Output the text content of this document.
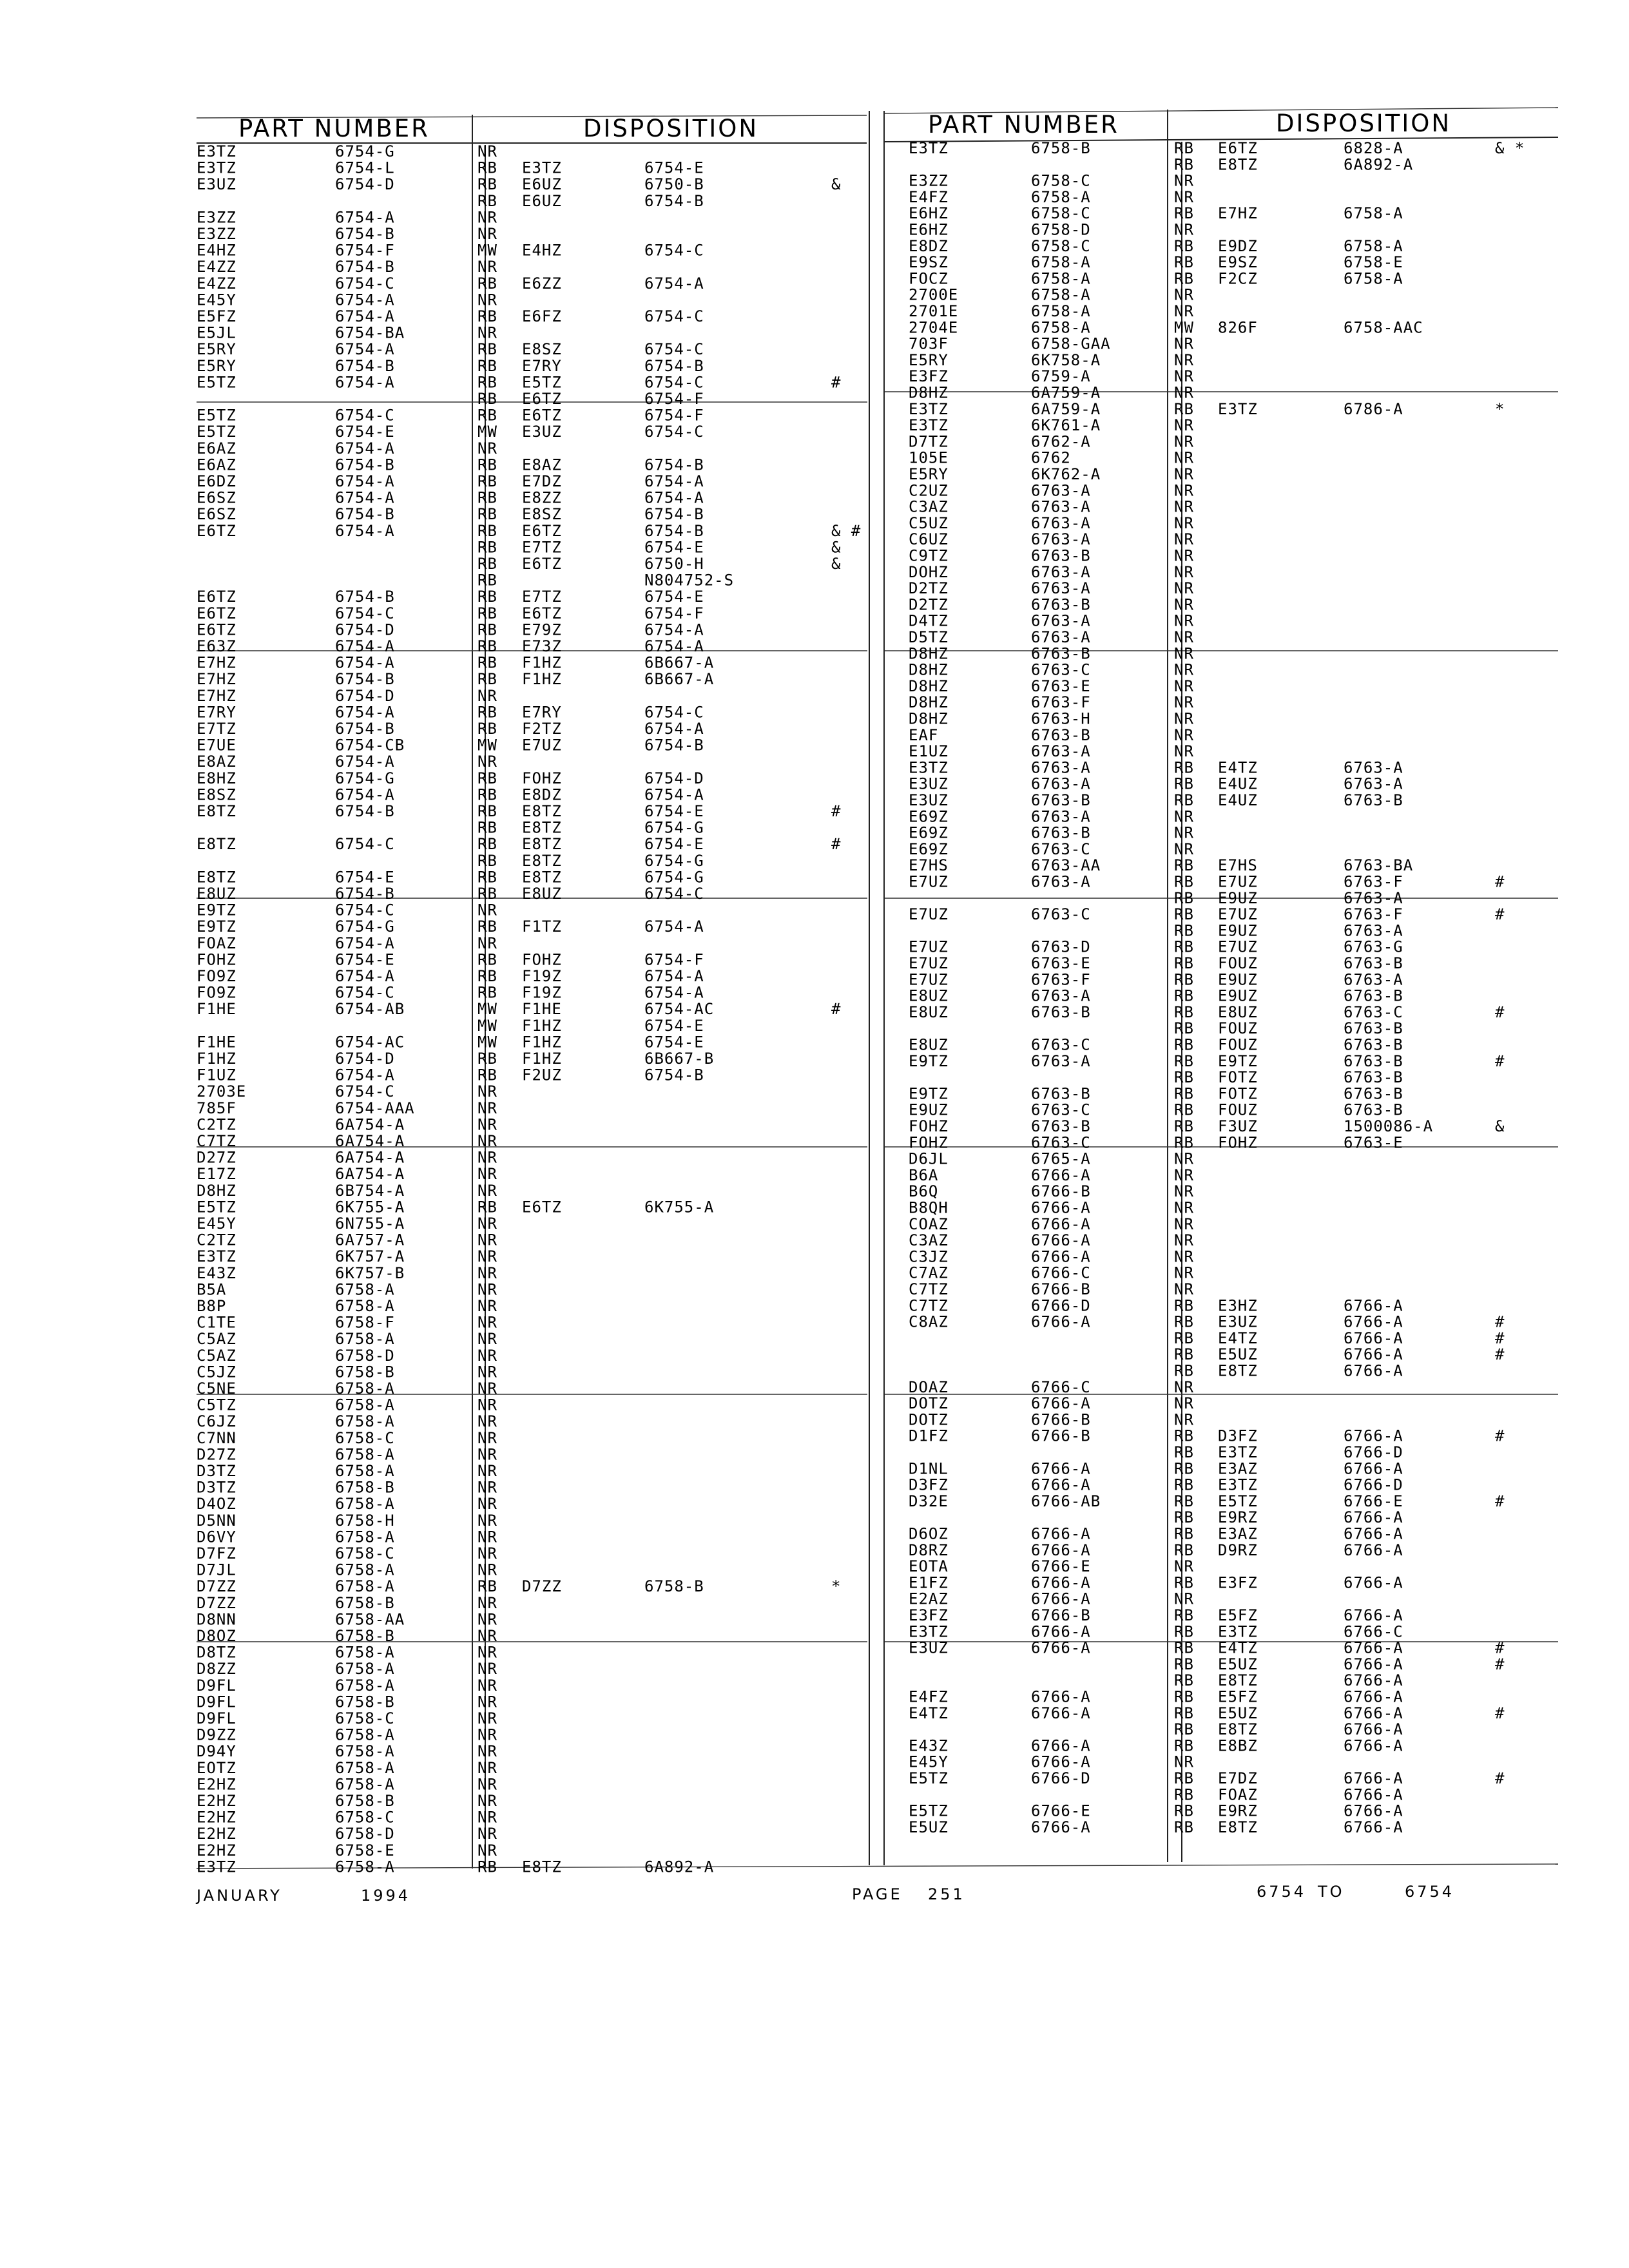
PART NUMBER	DISPOSITION	PART NUMBER	DISPOSITION
E3TZ	6754-G	NR
E3TZ	6754-L	RB E3TZ	6754-E
E3UZ	6754-D	RB E6UZ	6750-B	&
RB E6UZ	6754-B
E3ZZ	6754-A	NR
E3ZZ	6754-B	NR
E4HZ	6754-F	MW E4HZ	6754-C
E4ZZ	6754-B	NR
E4ZZ	6754-C	RB E6ZZ	6754-A
E45Y	6754-A	NR
E5FZ	6754-A	RB E6FZ	6754-C
E5JL	6754-BA	NR
E5RY	6754-A	RB E8SZ	6754-C
E5RY	6754-B	RB E7RY	6754-B
E5TZ	6754-A	RB E5TZ	6754-C	#
RB E6TZ	6754-F
E5TZ	6754-C	RB E6TZ	6754-F
E5TZ	6754-E	MW E3UZ	6754-C
E6AZ	6754-A	NR
E6AZ	6754-B	RB E8AZ	6754-B
E6DZ	6754-A	RB E7DZ	6754-A
E6SZ	6754-A	RB E8ZZ	6754-A
E6SZ	6754-B	RB E8SZ	6754-B
E6TZ	6754-A	RB E6TZ	6754-B	& #
RB E7TZ	6754-E	&
RB E6TZ	6750-H	&
RB	N804752-S
E6TZ	6754-B	RB E7TZ	6754-E
E6TZ	6754-C	RB E6TZ	6754-F
E6TZ	6754-D	RB E79Z	6754-A
E63Z	6754-A	RB E73Z	6754-A
E7HZ	6754-A	RB F1HZ	6B667-A
E7HZ	6754-B	RB F1HZ	6B667-A
E7HZ	6754-D	NR
E7RY	6754-A	RB E7RY	6754-C
E7TZ	6754-B	RB F2TZ	6754-A
E7UE	6754-CB	MW E7UZ	6754-B
E8AZ	6754-A	NR
E8HZ	6754-G	RB FOHZ	6754-D
E8SZ	6754-A	RB E8DZ	6754-A
E8TZ	6754-B	RB E8TZ	6754-E	#
RB E8TZ	6754-G
E8TZ	6754-C	RB E8TZ	6754-E	#
RB E8TZ	6754-G
E8TZ	6754-E	RB E8TZ	6754-G
E8UZ	6754-B	RB E8UZ	6754-C
E9TZ	6754-C	NR
E9TZ	6754-G	RB F1TZ	6754-A
FOAZ	6754-A	NR
FOHZ	6754-E	RB FOHZ	6754-F
FO9Z	6754-A	RB F19Z	6754-A
FO9Z	6754-C	RB F19Z	6754-A
F1HE	6754-AB	MW F1HE	6754-AC	#
MW F1HZ	6754-E
F1HE	6754-AC	MW F1HZ	6754-E
F1HZ	6754-D	RB F1HZ	6B667-B
F1UZ	6754-A	RB F2UZ	6754-B
2703E	6754-C	NR
785F	6754-AAA	NR
C2TZ	6A754-A	NR
C7TZ	6A754-A	NR
D27Z	6A754-A	NR
E17Z	6A754-A	NR
D8HZ	6B754-A	NR
E5TZ	6K755-A	RB E6TZ	6K755-A
E45Y	6N755-A	NR
C2TZ	6A757-A	NR
E3TZ	6K757-A	NR
E43Z	6K757-B	NR
B5A	6758-A	NR
B8P	6758-A	NR
C1TE	6758-F	NR
C5AZ	6758-A	NR
C5AZ	6758-D	NR
C5JZ	6758-B	NR
C5NE	6758-A	NR
C5TZ	6758-A	NR
C6JZ	6758-A	NR
C7NN	6758-C	NR
D27Z	6758-A	NR
D3TZ	6758-A	NR
D3TZ	6758-B	NR
D4OZ	6758-A	NR
D5NN	6758-H	NR
D6VY	6758-A	NR
D7FZ	6758-C	NR
D7JL	6758-A	NR
D7ZZ	6758-A	RB D7ZZ	6758-B	*
D7ZZ	6758-B	NR
D8NN	6758-AA	NR
D8OZ	6758-B	NR
D8TZ	6758-A	NR
D8ZZ	6758-A	NR
D9FL	6758-A	NR
D9FL	6758-B	NR
D9FL	6758-C	NR
D9ZZ	6758-A	NR
D94Y	6758-A	NR
EOTZ	6758-A	NR
E2HZ	6758-A	NR
E2HZ	6758-B	NR
E2HZ	6758-C	NR
E2HZ	6758-D	NR
E2HZ	6758-E	NR
E3TZ	6758-A	RB E8TZ	6A892-A
E3TZ	6758-B	RB E6TZ	6828-A	& *
RB E8TZ	6A892-A
E3ZZ	6758-C	NR
E4FZ	6758-A	NR
E6HZ	6758-C	RB E7HZ	6758-A
E6HZ	6758-D	NR
E8DZ	6758-C	RB E9DZ	6758-A
E9SZ	6758-A	RB E9SZ	6758-E
FOCZ	6758-A	RB F2CZ	6758-A
2700E	6758-A	NR
2701E	6758-A	NR
2704E	6758-A	MW 826F	6758-AAC
703F	6758-GAA	NR
E5RY	6K758-A	NR
E3FZ	6759-A	NR
D8HZ	6A759-A	NR
E3TZ	6A759-A	RB E3TZ	6786-A	*
E3TZ	6K761-A	NR
D7TZ	6762-A	NR
105E	6762	NR
E5RY	6K762-A	NR
C2UZ	6763-A	NR
C3AZ	6763-A	NR
C5UZ	6763-A	NR
C6UZ	6763-A	NR
C9TZ	6763-B	NR
DOHZ	6763-A	NR
D2TZ	6763-A	NR
D2TZ	6763-B	NR
D4TZ	6763-A	NR
D5TZ	6763-A	NR
D8HZ	6763-B	NR
D8HZ	6763-C	NR
D8HZ	6763-E	NR
D8HZ	6763-F	NR
D8HZ	6763-H	NR
EAF	6763-B	NR
E1UZ	6763-A	NR
E3TZ	6763-A	RB E4TZ	6763-A
E3UZ	6763-A	RB E4UZ	6763-A
E3UZ	6763-B	RB E4UZ	6763-B
E69Z	6763-A	NR
E69Z	6763-B	NR
E69Z	6763-C	NR
E7HS	6763-AA	RB E7HS	6763-BA
E7UZ	6763-A	RB E7UZ	6763-F	#
RB E9UZ	6763-A
E7UZ	6763-C	RB E7UZ	6763-F	#
RB E9UZ	6763-A
E7UZ	6763-D	RB E7UZ	6763-G
E7UZ	6763-E	RB FOUZ	6763-B
E7UZ	6763-F	RB E9UZ	6763-A
E8UZ	6763-A	RB E9UZ	6763-B
E8UZ	6763-B	RB E8UZ	6763-C	#
RB FOUZ	6763-B
E8UZ	6763-C	RB FOUZ	6763-B
E9TZ	6763-A	RB E9TZ	6763-B	#
RB FOTZ	6763-B
E9TZ	6763-B	RB FOTZ	6763-B
E9UZ	6763-C	RB FOUZ	6763-B
FOHZ	6763-B	RB F3UZ	1500086-A	&
FOHZ	6763-C	RB FOHZ	6763-E
D6JL	6765-A	NR
B6A	6766-A	NR
B6Q	6766-B	NR
B8QH	6766-A	NR
COAZ	6766-A	NR
C3AZ	6766-A	NR
C3JZ	6766-A	NR
C7AZ	6766-C	NR
C7TZ	6766-B	NR
C7TZ	6766-D	RB E3HZ	6766-A
C8AZ	6766-A	RB E3UZ	6766-A	#
RB E4TZ	6766-A	#
RB E5UZ	6766-A	#
RB E8TZ	6766-A
DOAZ	6766-C	NR
DOTZ	6766-A	NR
DOTZ	6766-B	NR
D1FZ	6766-B	RB D3FZ	6766-A	#
RB E3TZ	6766-D
D1NL	6766-A	RB E3AZ	6766-A
D3FZ	6766-A	RB E3TZ	6766-D
D32E	6766-AB	RB E5TZ	6766-E	#
RB E9RZ	6766-A
D6OZ	6766-A	RB E3AZ	6766-A
D8RZ	6766-A	RB D9RZ	6766-A
EOTA	6766-E	NR
E1FZ	6766-A	RB E3FZ	6766-A
E2AZ	6766-A	NR
E3FZ	6766-B	RB E5FZ	6766-A
E3TZ	6766-A	RB E3TZ	6766-C
E3UZ	6766-A	RB E4TZ	6766-A	#
RB E5UZ	6766-A	#
RB E8TZ	6766-A
E4FZ	6766-A	RB E5FZ	6766-A
E4TZ	6766-A	RB E5UZ	6766-A	#
RB E8TZ	6766-A
E43Z	6766-A	RB E8BZ	6766-A
E45Y	6766-A	NR
E5TZ	6766-D	RB E7DZ	6766-A	#
RB FOAZ	6766-A
E5TZ	6766-E	RB E9RZ	6766-A
E5UZ	6766-A	RB E8TZ	6766-A
JANUARY	1994	PAGE 251	6754 TO	6754
